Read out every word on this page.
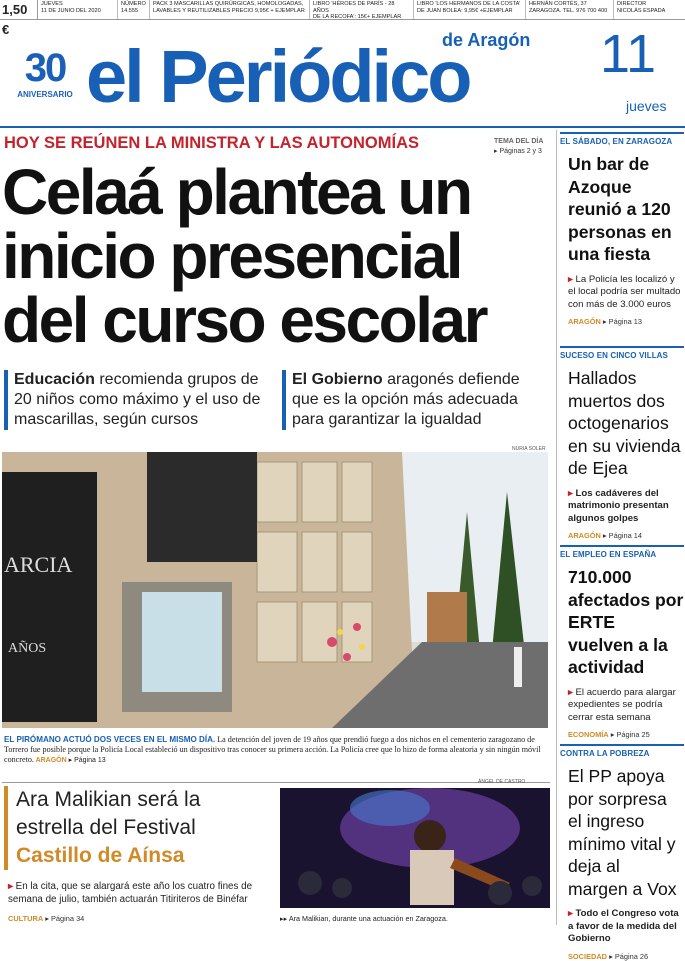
1,50 €
JUEVES
11 DE JUNIO DEL 2020
NÚMERO
14.555
PACK 3 MASCARILLAS QUIRÚRGICAS, HOMOLOGADAS,
LAVABLES Y REUTILIZABLES PRECIO 9,95€ + EJEMPLAR
LIBRO 'HÉROES DE PARÍS - 28 AÑOS
DE LA RECOFA': 15€+ EJEMPLAR
LIBRO 'LOS HERMANOS DE LA COSTA'
DE JUAN BOLEA: 9,95€ +EJEMPLAR
HERNÁN CORTÉS, 37
ZARAGOZA. TEL. 976 700 400
DIRECTOR
NICOLÁS ESPADA
30
ANIVERSARIO el Periódico
de Aragón 11
jueves
HOY SE REÚNEN LA MINISTRA Y LAS AUTONOMÍAS	TEMA DEL DÍA
▸ Páginas 2 y 3
Celaá plantea un inicio presencial del curso escolar
Educación recomienda grupos de 20 niños como máximo y el uso de mascarillas, según cursos
El Gobierno aragonés defiende que es la opción más adecuada para garantizar la igualdad
NURIA SOLER
ARCIA
AÑOS
EL PIRÓMANO ACTUÓ DOS VECES EN EL MISMO DÍA. La detención del joven de 19 años que prendió fuego a dos nichos en el cementerio zaragozano de Torrero fue posible porque la Policía Local estableció un dispositivo tras conocer su primera acción. La Policía cree que lo hizo de forma aleatoria y sin ningún móvil concreto. ARAGÓN ▸ Página 13
Ara Malikian será la estrella del Festival
Castillo de Aínsa
▸ En la cita, que se alargará este año los cuatro fines de semana de julio, también actuarán Titiriteros de Binéfar
CULTURA ▸ Página 34
ÁNGEL DE CASTRO
▸▸ Ara Malikian, durante una actuación en Zaragoza.
EL SÁBADO, EN ZARAGOZA
Un bar de Azoque reunió a 120 personas en una fiesta
▸ La Policía les localizó y el local podría ser multado con más de 3.000 euros
ARAGÓN ▸ Página 13
SUCESO EN CINCO VILLAS
Hallados muertos dos octogenarios en su vivienda de Ejea
▸ Los cadáveres del matrimonio presentan algunos golpes
ARAGÓN ▸ Página 14
EL EMPLEO EN ESPAÑA
710.000 afectados por ERTE vuelven a la actividad
▸ El acuerdo para alargar expedientes se podría cerrar esta semana
ECONOMÍA ▸ Página 25
CONTRA LA POBREZA
El PP apoya por sorpresa el ingreso mínimo vital y deja al margen a Vox
▸ Todo el Congreso vota a favor de la medida del Gobierno
SOCIEDAD ▸ Página 26
